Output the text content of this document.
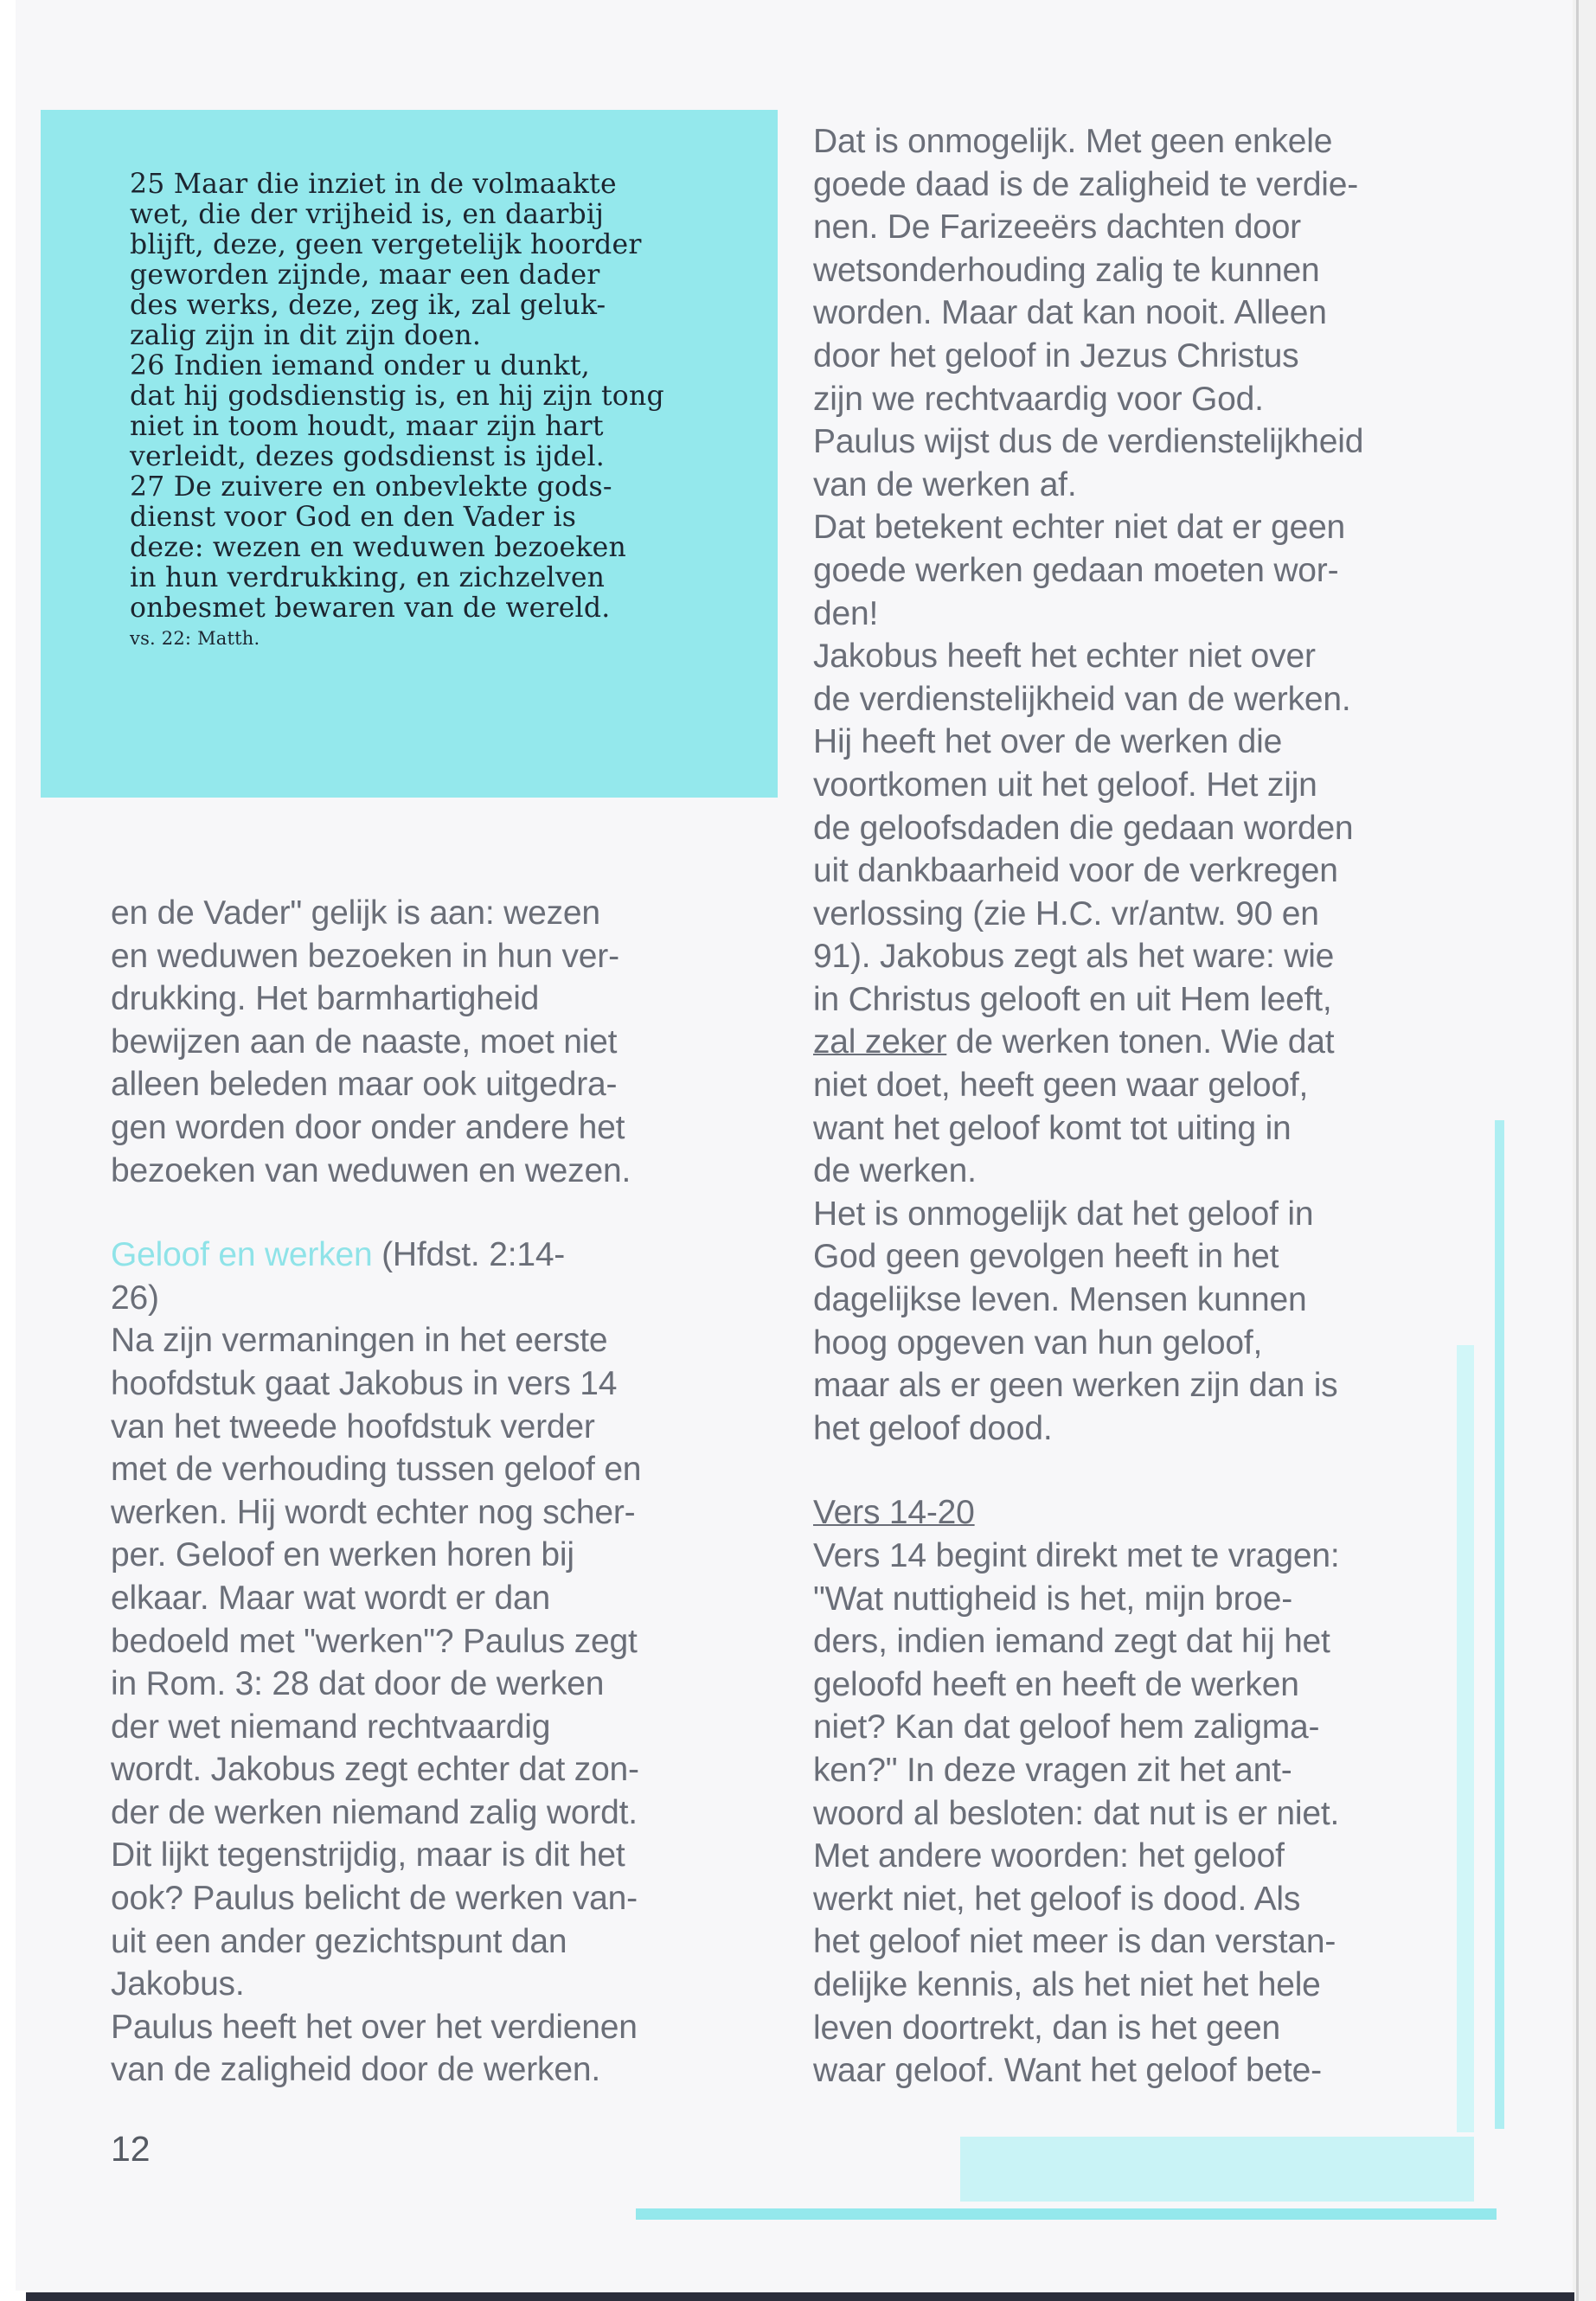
25 Maar die inziet in de volmaakte

wet, die der vrijheid is, en daarbij

blijft, deze, geen vergetelijk hoorder

geworden zijnde, maar een dader

des werks, deze, zeg ik, zal geluk-

zalig zijn in dit zijn doen.

26 Indien iemand onder u dunkt,

dat hij godsdienstig is, en hij zijn tong

niet in toom houdt, maar zijn hart

verleidt, dezes godsdienst is ijdel.

27 De zuivere en onbevlekte gods-

dienst voor God en den Vader is

deze: wezen en weduwen bezoeken

in hun verdrukking, en zichzelven

onbesmet bewaren van de wereld.

vs. 22: Matth.

en de Vader" gelijk is aan: wezen

en weduwen bezoeken in hun ver-

drukking. Het barmhartigheid

bewijzen aan de naaste, moet niet

alleen beleden maar ook uitgedra-

gen worden door onder andere het

bezoeken van weduwen en wezen.

Geloof en werken (Hfdst. 2:14-

26)

Na zijn vermaningen in het eerste

hoofdstuk gaat Jakobus in vers 14

van het tweede hoofdstuk verder

met de verhouding tussen geloof en

werken. Hij wordt echter nog scher-

per. Geloof en werken horen bij

elkaar. Maar wat wordt er dan

bedoeld met "werken"? Paulus zegt

in Rom. 3: 28 dat door de werken

der wet niemand rechtvaardig

wordt. Jakobus zegt echter dat zon-

der de werken niemand zalig wordt.

Dit lijkt tegenstrijdig, maar is dit het

ook? Paulus belicht de werken van-

uit een ander gezichtspunt dan

Jakobus.

Paulus heeft het over het verdienen

van de zaligheid door de werken.

Dat is onmogelijk. Met geen enkele

goede daad is de zaligheid te verdie-

nen. De Farizeeërs dachten door

wetsonderhouding zalig te kunnen

worden. Maar dat kan nooit. Alleen

door het geloof in Jezus Christus

zijn we rechtvaardig voor God.

Paulus wijst dus de verdienstelijkheid

van de werken af.

Dat betekent echter niet dat er geen

goede werken gedaan moeten wor-

den!

Jakobus heeft het echter niet over

de verdienstelijkheid van de werken.

Hij heeft het over de werken die

voortkomen uit het geloof. Het zijn

de geloofsdaden die gedaan worden

uit dankbaarheid voor de verkregen

verlossing (zie H.C. vr/antw. 90 en

91). Jakobus zegt als het ware: wie

in Christus gelooft en uit Hem leeft,

zal zeker de werken tonen. Wie dat

niet doet, heeft geen waar geloof,

want het geloof komt tot uiting in

de werken.

Het is onmogelijk dat het geloof in

God geen gevolgen heeft in het

dagelijkse leven. Mensen kunnen

hoog opgeven van hun geloof,

maar als er geen werken zijn dan is

het geloof dood.

Vers 14-20

Vers 14 begint direkt met te vragen:

"Wat nuttigheid is het, mijn broe-

ders, indien iemand zegt dat hij het

geloofd heeft en heeft de werken

niet? Kan dat geloof hem zaligma-

ken?" In deze vragen zit het ant-

woord al besloten: dat nut is er niet.

Met andere woorden: het geloof

werkt niet, het geloof is dood. Als

het geloof niet meer is dan verstan-

delijke kennis, als het niet het hele

leven doortrekt, dan is het geen

waar geloof. Want het geloof bete-

12
